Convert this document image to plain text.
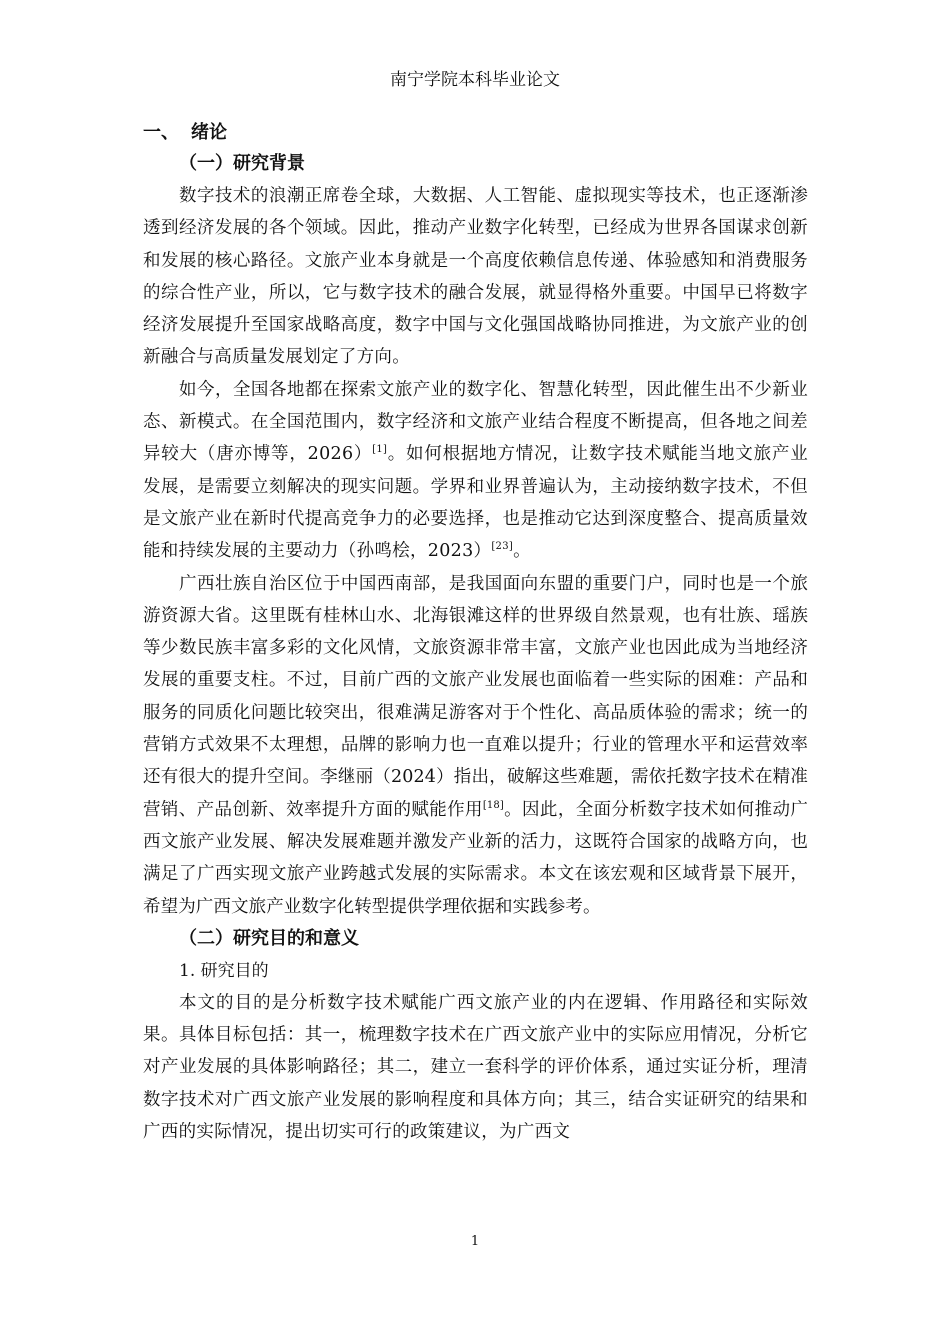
南宁学院本科毕业论文
一、 绪论
（一）研究背景

数字技术的浪潮正席卷全球，大数据、人工智能、虚拟现实等技术，也正逐渐渗透到经济发展的各个领域。因此，推动产业数字化转型，已经成为世界各国谋求创新和发展的核心路径。文旅产业本身就是一个高度依赖信息传递、体验感知和消费服务的综合性产业，所以，它与数字技术的融合发展，就显得格外重要。中国早已将数字经济发展提升至国家战略高度，数字中国与文化强国战略协同推进，为文旅产业的创新融合与高质量发展划定了方向。

如今，全国各地都在探索文旅产业的数字化、智慧化转型，因此催生出不少新业态、新模式。在全国范围内，数字经济和文旅产业结合程度不断提高，但各地之间差异较大（唐亦博等，2026）[1]。如何根据地方情况，让数字技术赋能当地文旅产业发展，是需要立刻解决的现实问题。学界和业界普遍认为，主动接纳数字技术，不但是文旅产业在新时代提高竞争力的必要选择，也是推动它达到深度整合、提高质量效能和持续发展的主要动力（孙鸣桧，2023）[23]。

广西壮族自治区位于中国西南部，是我国面向东盟的重要门户，同时也是一个旅游资源大省。这里既有桂林山水、北海银滩这样的世界级自然景观，也有壮族、瑶族等少数民族丰富多彩的文化风情，文旅资源非常丰富，文旅产业也因此成为当地经济发展的重要支柱。不过，目前广西的文旅产业发展也面临着一些实际的困难：产品和服务的同质化问题比较突出，很难满足游客对于个性化、高品质体验的需求；统一的营销方式效果不太理想，品牌的影响力也一直难以提升；行业的管理水平和运营效率还有很大的提升空间。李继丽（2024）指出，破解这些难题，需依托数字技术在精准营销、产品创新、效率提升方面的赋能作用[18]。因此，全面分析数字技术如何推动广西文旅产业发展、解决发展难题并激发产业新的活力，这既符合国家的战略方向，也满足了广西实现文旅产业跨越式发展的实际需求。本文在该宏观和区域背景下展开，希望为广西文旅产业数字化转型提供学理依据和实践参考。

（二）研究目的和意义
1. 研究目的

本文的目的是分析数字技术赋能广西文旅产业的内在逻辑、作用路径和实际效果。具体目标包括：其一，梳理数字技术在广西文旅产业中的实际应用情况，分析它对产业发展的具体影响路径；其二，建立一套科学的评价体系，通过实证分析，理清数字技术对广西文旅产业发展的影响程度和具体方向；其三，结合实证研究的结果和广西的实际情况，提出切实可行的政策建议，为广西文

1
